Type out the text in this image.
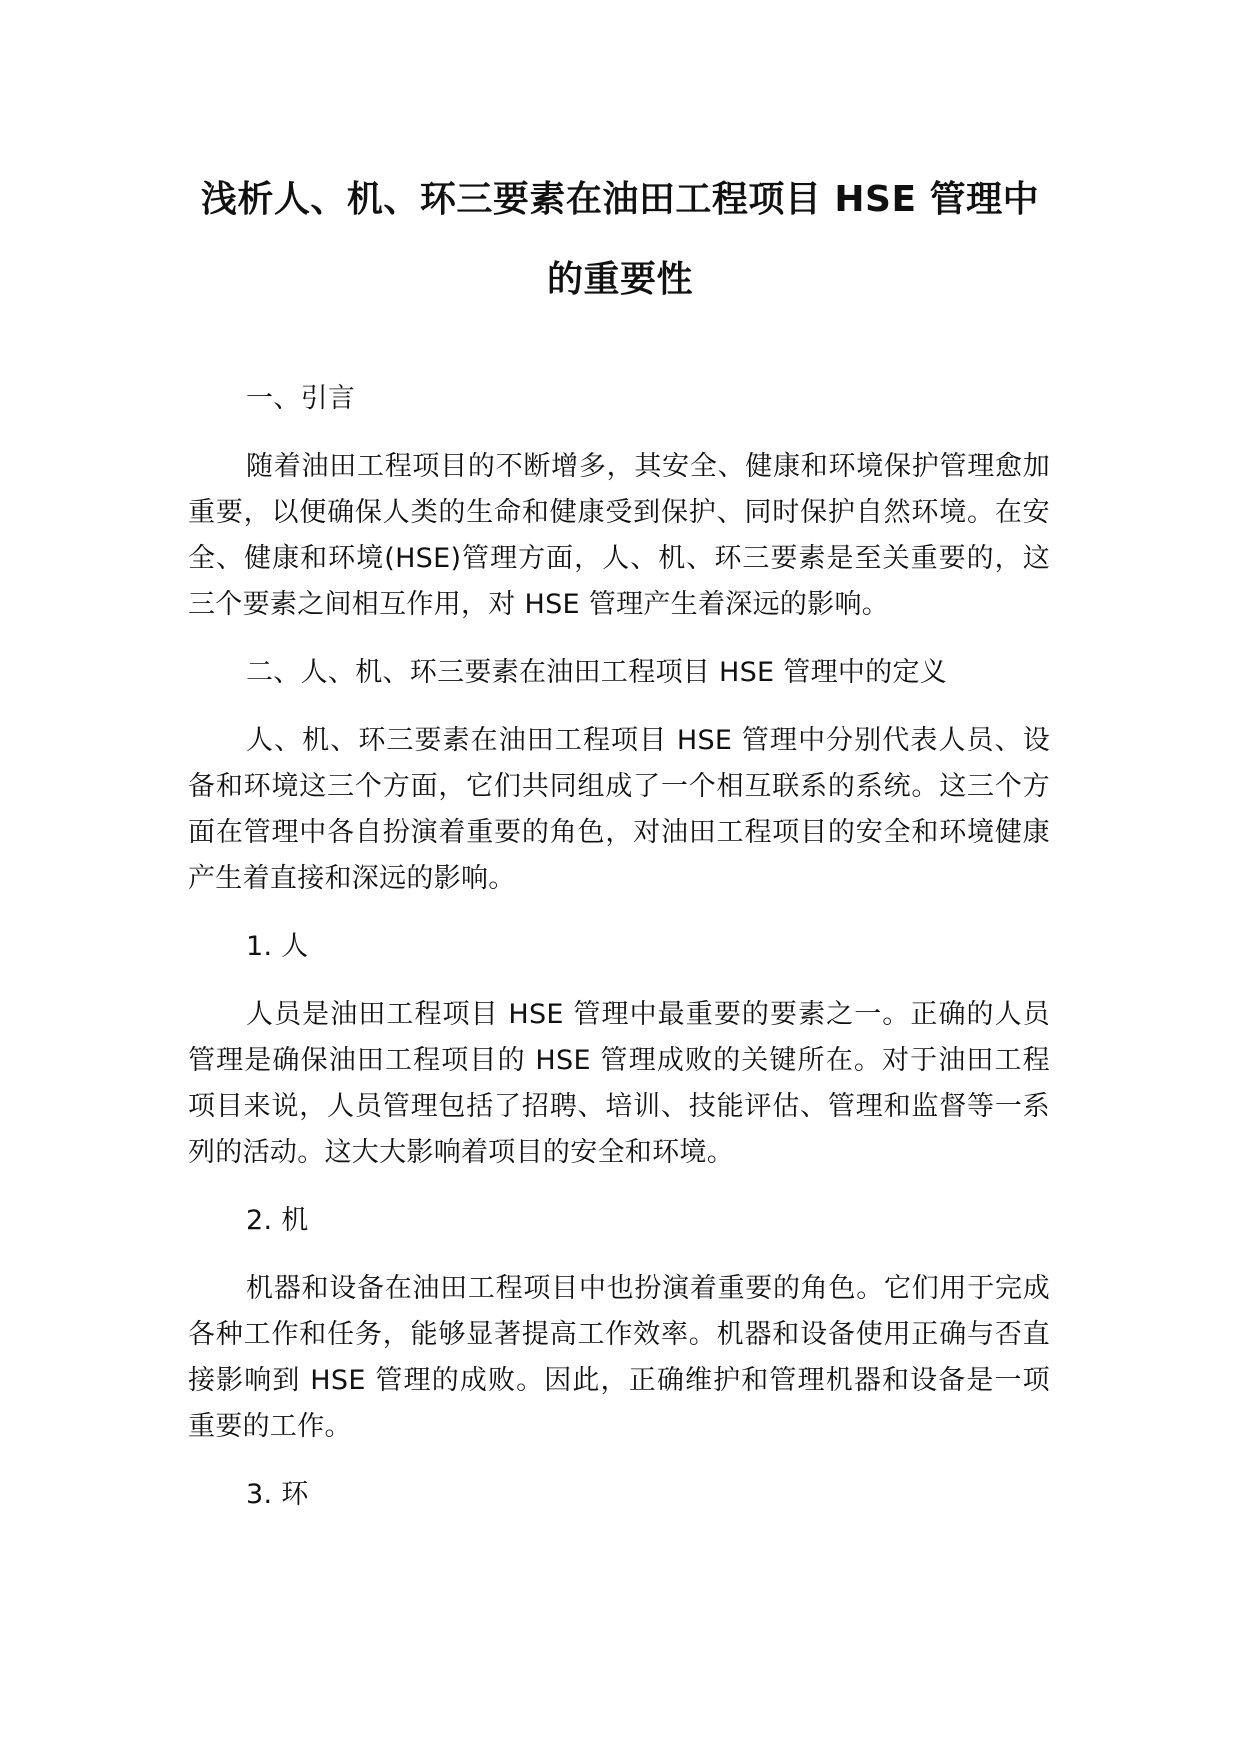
浅析人、机、环三要素在油田工程项目 HSE 管理中
的重要性

一、引言

随着油田工程项目的不断增多，其安全、健康和环境保护管理愈加重要，以便确保人类的生命和健康受到保护、同时保护自然环境。在安全、健康和环境(HSE)管理方面，人、机、环三要素是至关重要的，这三个要素之间相互作用，对 HSE 管理产生着深远的影响。

二、人、机、环三要素在油田工程项目 HSE 管理中的定义

人、机、环三要素在油田工程项目 HSE 管理中分别代表人员、设备和环境这三个方面，它们共同组成了一个相互联系的系统。这三个方面在管理中各自扮演着重要的角色，对油田工程项目的安全和环境健康产生着直接和深远的影响。

1. 人

人员是油田工程项目 HSE 管理中最重要的要素之一。正确的人员管理是确保油田工程项目的 HSE 管理成败的关键所在。对于油田工程项目来说，人员管理包括了招聘、培训、技能评估、管理和监督等一系列的活动。这大大影响着项目的安全和环境。

2. 机

机器和设备在油田工程项目中也扮演着重要的角色。它们用于完成各种工作和任务，能够显著提高工作效率。机器和设备使用正确与否直接影响到 HSE 管理的成败。因此，正确维护和管理机器和设备是一项重要的工作。

3. 环
